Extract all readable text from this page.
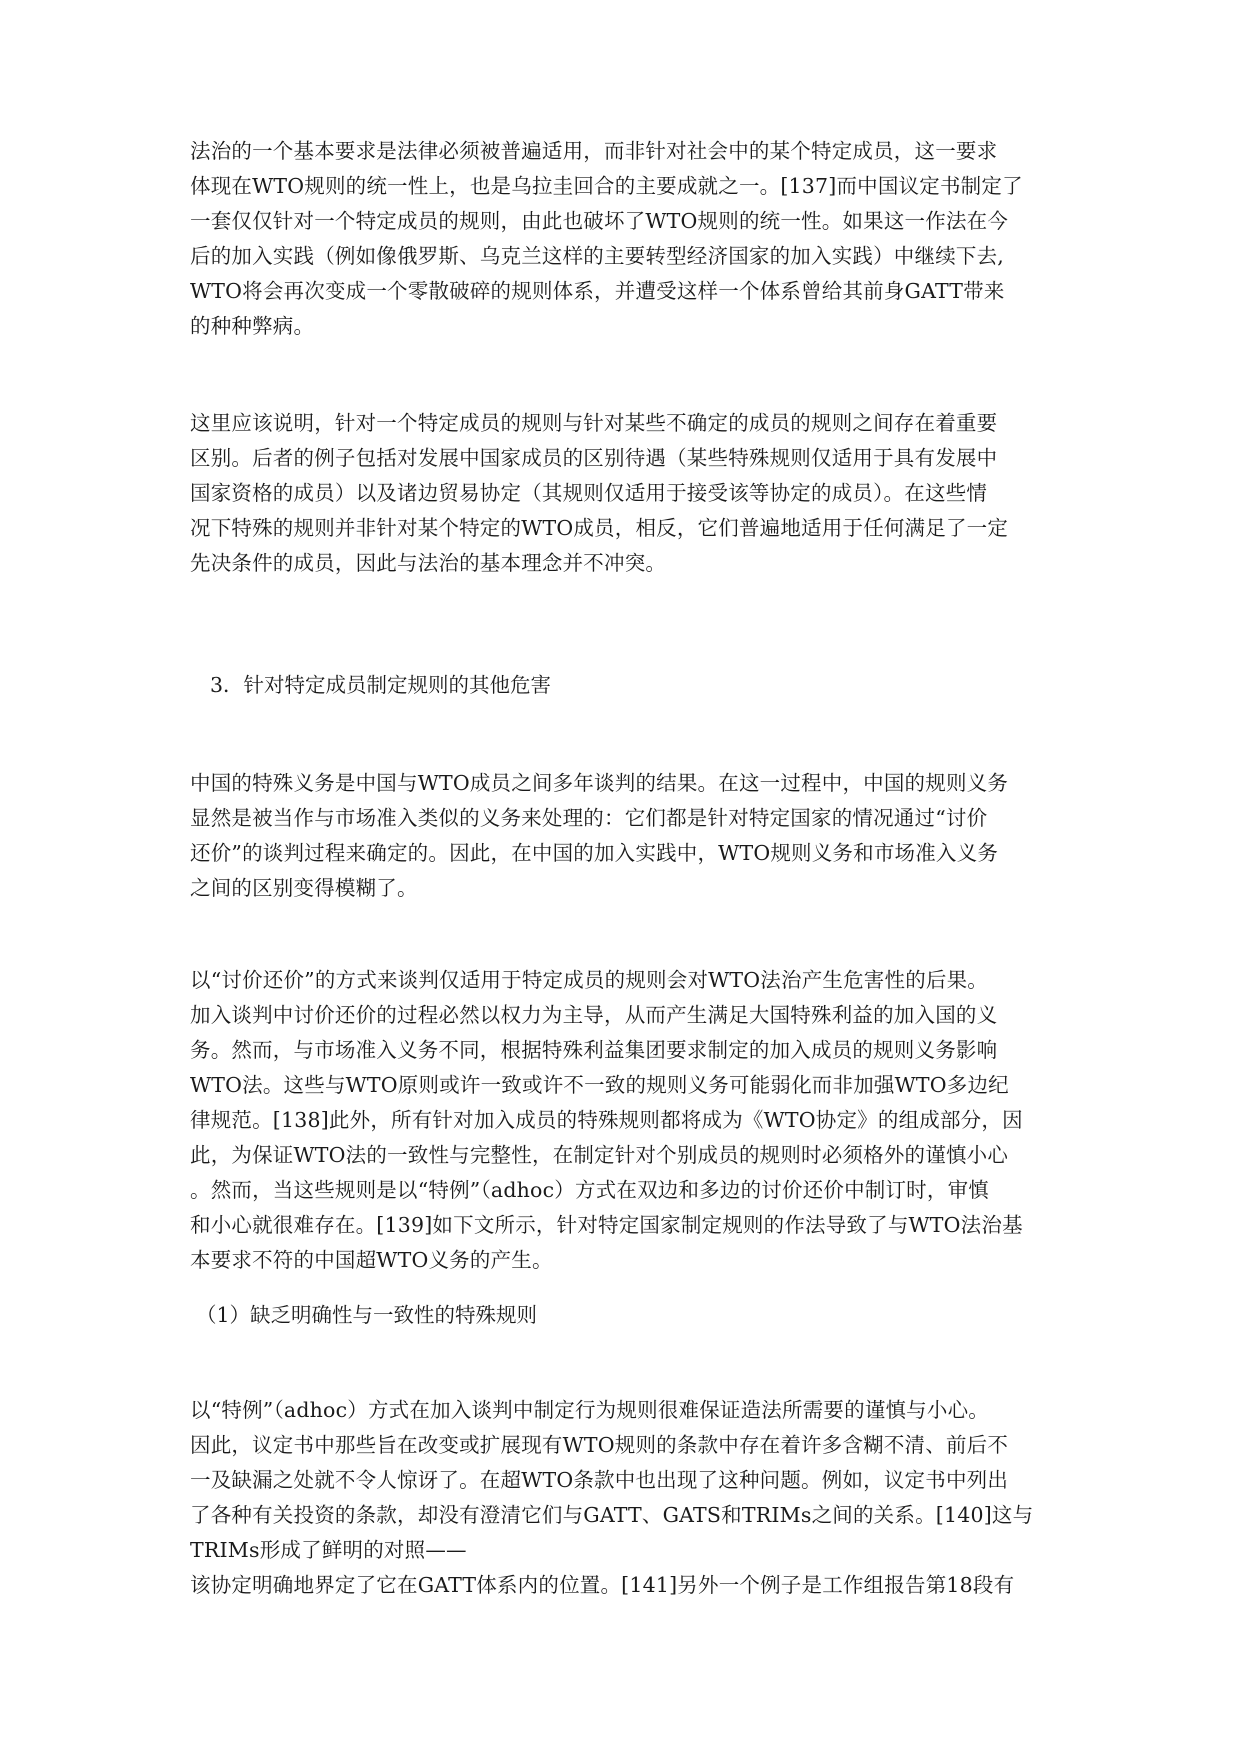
法治的一个基本要求是法律必须被普遍适用，而非针对社会中的某个特定成员，这一要求
体现在WTO规则的统一性上，也是乌拉圭回合的主要成就之一。[137]而中国议定书制定了
一套仅仅针对一个特定成员的规则，由此也破坏了WTO规则的统一性。如果这一作法在今
后的加入实践（例如像俄罗斯、乌克兰这样的主要转型经济国家的加入实践）中继续下去,
WTO将会再次变成一个零散破碎的规则体系，并遭受这样一个体系曾给其前身GATT带来
的种种弊病。
这里应该说明，针对一个特定成员的规则与针对某些不确定的成员的规则之间存在着重要
区别。后者的例子包括对发展中国家成员的区别待遇（某些特殊规则仅适用于具有发展中
国家资格的成员）以及诸边贸易协定（其规则仅适用于接受该等协定的成员）。在这些情
况下特殊的规则并非针对某个特定的WTO成员，相反，它们普遍地适用于任何满足了一定
先决条件的成员，因此与法治的基本理念并不冲突。
3．针对特定成员制定规则的其他危害
中国的特殊义务是中国与WTO成员之间多年谈判的结果。在这一过程中，中国的规则义务
显然是被当作与市场准入类似的义务来处理的：它们都是针对特定国家的情况通过“讨价
还价”的谈判过程来确定的。因此，在中国的加入实践中，WTO规则义务和市场准入义务
之间的区别变得模糊了。
以“讨价还价”的方式来谈判仅适用于特定成员的规则会对WTO法治产生危害性的后果。
加入谈判中讨价还价的过程必然以权力为主导，从而产生满足大国特殊利益的加入国的义
务。然而，与市场准入义务不同，根据特殊利益集团要求制定的加入成员的规则义务影响
WTO法。这些与WTO原则或许一致或许不一致的规则义务可能弱化而非加强WTO多边纪
律规范。[138]此外，所有针对加入成员的特殊规则都将成为《WTO协定》的组成部分，因
此，为保证WTO法的一致性与完整性，在制定针对个别成员的规则时必须格外的谨慎小心
。然而，当这些规则是以“特例”（adhoc）方式在双边和多边的讨价还价中制订时，审慎
和小心就很难存在。[139]如下文所示，针对特定国家制定规则的作法导致了与WTO法治基
本要求不符的中国超WTO义务的产生。
（1）缺乏明确性与一致性的特殊规则
以“特例”（adhoc）方式在加入谈判中制定行为规则很难保证造法所需要的谨慎与小心。
因此，议定书中那些旨在改变或扩展现有WTO规则的条款中存在着许多含糊不清、前后不
一及缺漏之处就不令人惊讶了。在超WTO条款中也出现了这种问题。例如，议定书中列出
了各种有关投资的条款，却没有澄清它们与GATT、GATS和TRIMs之间的关系。[140]这与
TRIMs形成了鲜明的对照——
该协定明确地界定了它在GATT体系内的位置。[141]另外一个例子是工作组报告第18段有
